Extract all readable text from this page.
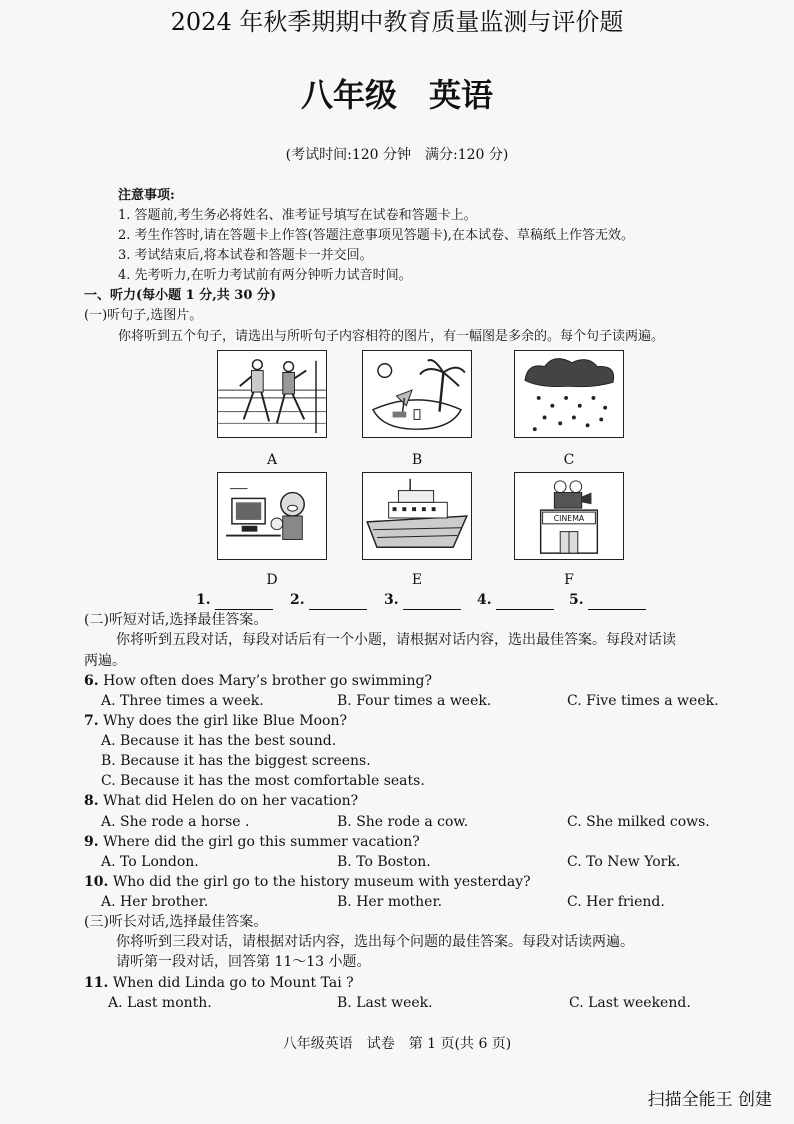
2024 年秋季期期中教育质量监测与评价题
八年级　英语
(考试时间:120 分钟　满分:120 分)
注意事项:
1. 答题前,考生务必将姓名、准考证号填写在试卷和答题卡上。
2. 考生作答时,请在答题卡上作答(答题注意事项见答题卡),在本试卷、草稿纸上作答无效。
3. 考试结束后,将本试卷和答题卡一并交回。
4. 先考听力,在听力考试前有两分钟听力试音时间。
一、听力(每小题 1 分,共 30 分)
(一)听句子,选图片。
你将听到五个句子，请选出与所听句子内容相符的图片，有一幅图是多余的。每个句子读两遍。
A	B	C
CINEMA
D	E	F
1.	2.	3.	4.	5.
(二)听短对话,选择最佳答案。
你将听到五段对话，每段对话后有一个小题，请根据对话内容，选出最佳答案。每段对话读
两遍。
6. How often does Mary’s brother go swimming?
A. Three times a week.	B. Four times a week.	C. Five times a week.
7. Why does the girl like Blue Moon?
A. Because it has the best sound.
B. Because it has the biggest screens.
C. Because it has the most comfortable seats.
8. What did Helen do on her vacation?
A. She rode a horse .	B. She rode a cow.	C. She milked cows.
9. Where did the girl go this summer vacation?
A. To London.	B. To Boston.	C. To New York.
10. Who did the girl go to the history museum with yesterday?
A. Her brother.	B. Her mother.	C. Her friend.
(三)听长对话,选择最佳答案。
你将听到三段对话，请根据对话内容，选出每个问题的最佳答案。每段对话读两遍。
请听第一段对话，回答第 11～13 小题。
11. When did Linda go to Mount Tai ?
A. Last month.	B. Last week.	C. Last weekend.
八年级英语　试卷　第 1 页(共 6 页)
扫描全能王 创建
